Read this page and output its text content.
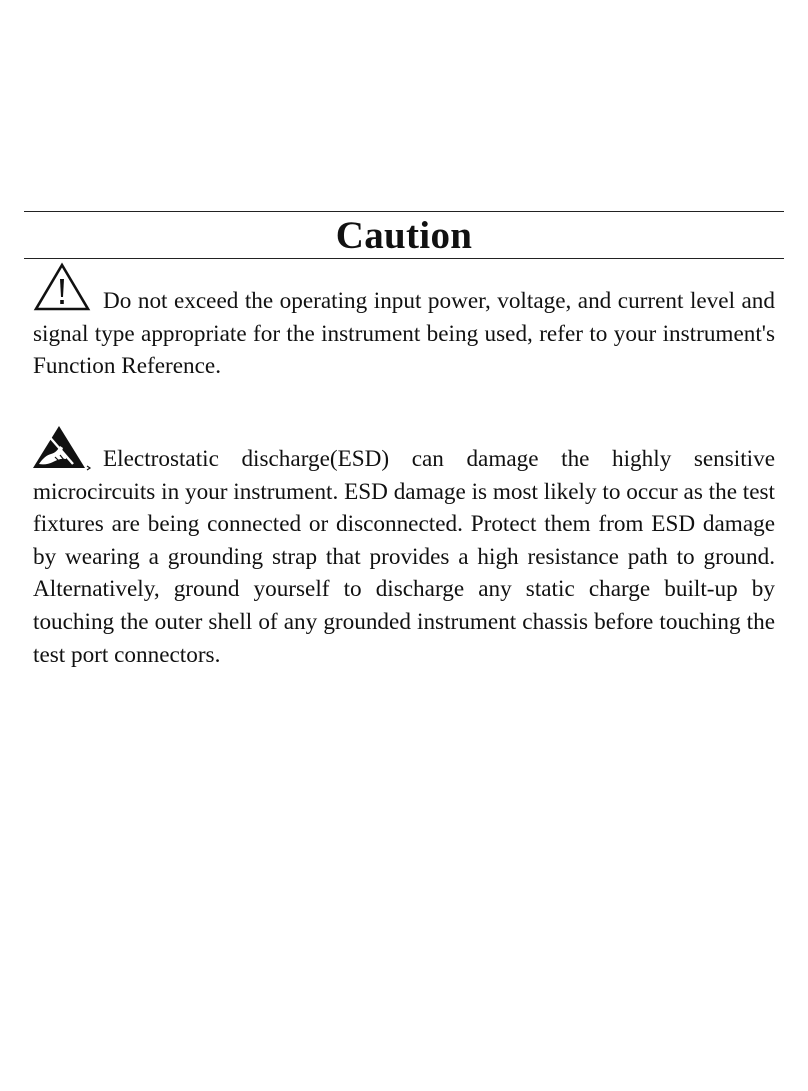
Caution

Do not exceed the operating input power, voltage, and current level and signal type appropriate for the instrument being used, refer to your instrument's Function Reference.

Electrostatic discharge(ESD) can damage the highly sensitive microcircuits in your instrument. ESD damage is most likely to occur as the test fixtures are being connected or disconnected. Protect them from ESD damage by wearing a grounding strap that provides a high resistance path to ground. Alternatively, ground yourself to discharge any static charge built-up by touching the outer shell of any grounded instrument chassis before touching the test port connectors.
